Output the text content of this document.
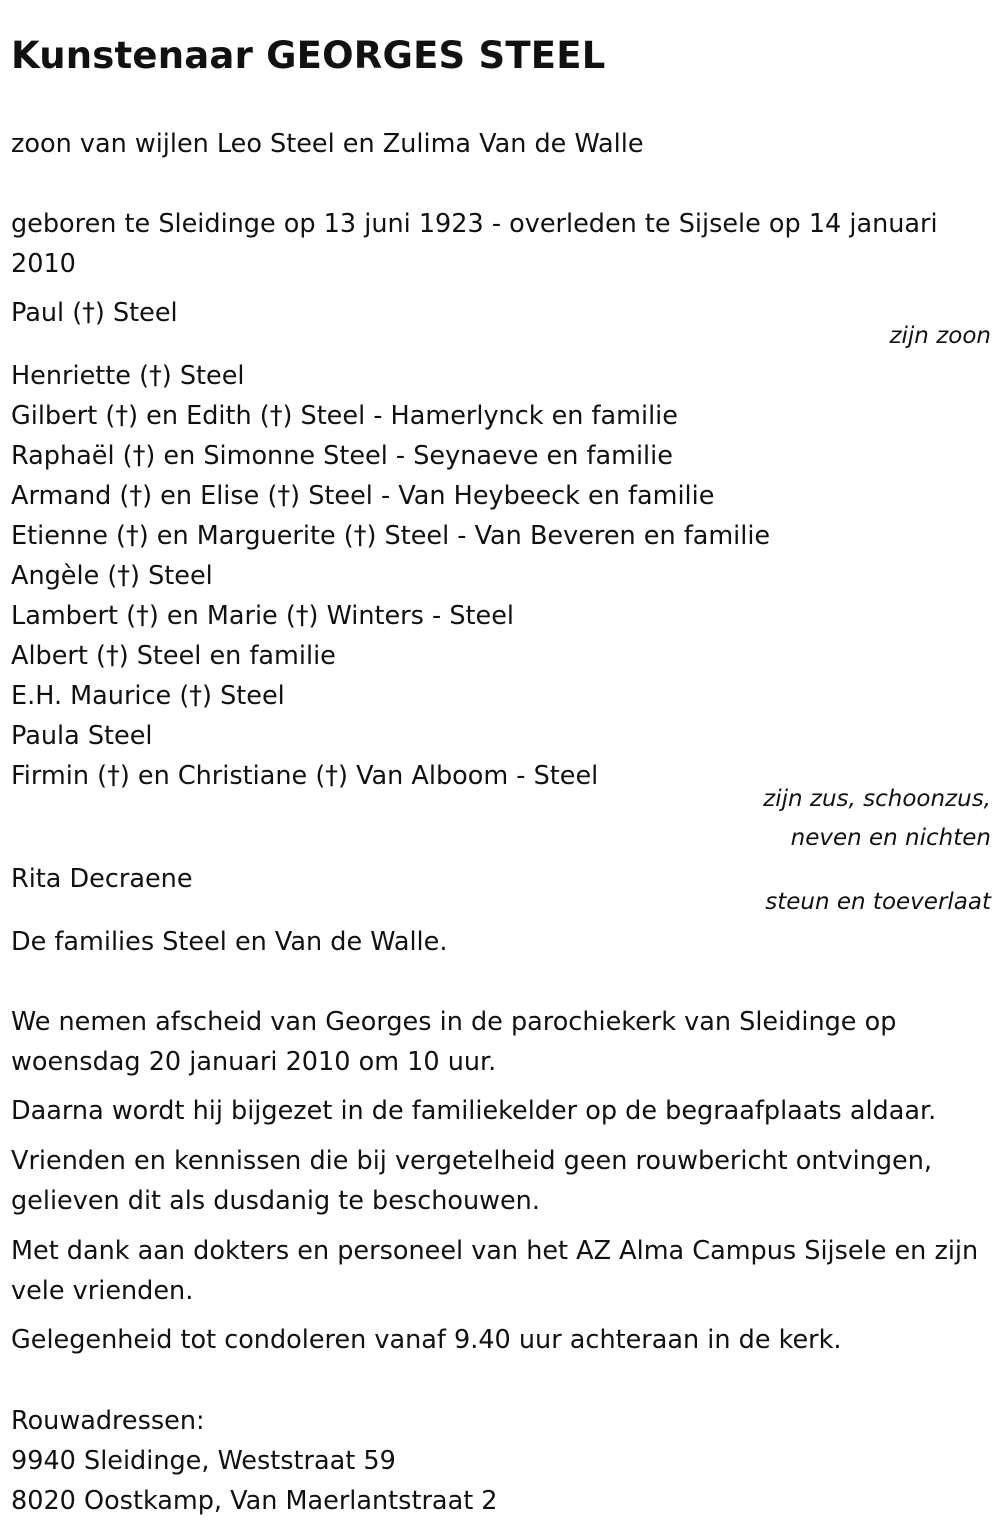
Kunstenaar GEORGES STEEL
zoon van wijlen Leo Steel en Zulima Van de Walle
geboren te Sleidinge op 13 juni 1923 - overleden te Sijsele op 14 januari 2010
Paul (†) Steel
zijn zoon
Henriette (†) Steel
Gilbert (†) en Edith (†) Steel - Hamerlynck en familie
Raphaël (†) en Simonne Steel - Seynaeve en familie
Armand (†) en Elise (†) Steel - Van Heybeeck en familie
Etienne (†) en Marguerite (†) Steel - Van Beveren en familie
Angèle (†) Steel
Lambert (†) en Marie (†) Winters - Steel
Albert (†) Steel en familie
E.H. Maurice (†) Steel
Paula Steel
Firmin (†) en Christiane (†) Van Alboom - Steel
zijn zus, schoonzus,
neven en nichten
Rita Decraene
steun en toeverlaat
De families Steel en Van de Walle.
We nemen afscheid van Georges in de parochiekerk van Sleidinge op woensdag 20 januari 2010 om 10 uur.
Daarna wordt hij bijgezet in de familiekelder op de begraafplaats aldaar.
Vrienden en kennissen die bij vergetelheid geen rouwbericht ontvingen, gelieven dit als dusdanig te beschouwen.
Met dank aan dokters en personeel van het AZ Alma Campus Sijsele en zijn vele vrienden.
Gelegenheid tot condoleren vanaf 9.40 uur achteraan in de kerk.
Rouwadressen:
9940 Sleidinge, Weststraat 59
8020 Oostkamp, Van Maerlantstraat 2
